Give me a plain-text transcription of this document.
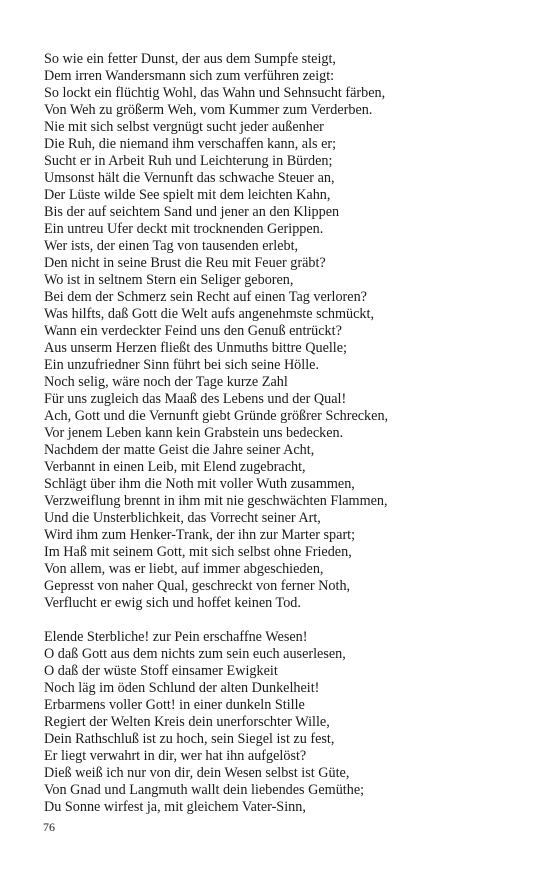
So wie ein fetter Dunst, der aus dem Sumpfe steigt,
Dem irren Wandersmann sich zum verführen zeigt:
So lockt ein flüchtig Wohl, das Wahn und Sehnsucht färben,
Von Weh zu größerm Weh, vom Kummer zum Verderben.
Nie mit sich selbst vergnügt sucht jeder außenher
Die Ruh, die niemand ihm verschaffen kann, als er;
Sucht er in Arbeit Ruh und Leichterung in Bürden;
Umsonst hält die Vernunft das schwache Steuer an,
Der Lüste wilde See spielt mit dem leichten Kahn,
Bis der auf seichtem Sand und jener an den Klippen
Ein untreu Ufer deckt mit trocknenden Gerippen.
Wer ists, der einen Tag von tausenden erlebt,
Den nicht in seine Brust die Reu mit Feuer gräbt?
Wo ist in seltnem Stern ein Seliger geboren,
Bei dem der Schmerz sein Recht auf einen Tag verloren?
Was hilfts, daß Gott die Welt aufs angenehmste schmückt,
Wann ein verdeckter Feind uns den Genuß entrückt?
Aus unserm Herzen fließt des Unmuths bittre Quelle;
Ein unzufriedner Sinn führt bei sich seine Hölle.
Noch selig, wäre noch der Tage kurze Zahl
Für uns zugleich das Maaß des Lebens und der Qual!
Ach, Gott und die Vernunft giebt Gründe größrer Schrecken,
Vor jenem Leben kann kein Grabstein uns bedecken.
Nachdem der matte Geist die Jahre seiner Acht,
Verbannt in einen Leib, mit Elend zugebracht,
Schlägt über ihm die Noth mit voller Wuth zusammen,
Verzweiflung brennt in ihm mit nie geschwächten Flammen,
Und die Unsterblichkeit, das Vorrecht seiner Art,
Wird ihm zum Henker-Trank, der ihn zur Marter spart;
Im Haß mit seinem Gott, mit sich selbst ohne Frieden,
Von allem, was er liebt, auf immer abgeschieden,
Gepresst von naher Qual, geschreckt von ferner Noth,
Verflucht er ewig sich und hoffet keinen Tod.
Elende Sterbliche! zur Pein erschaffne Wesen!
O daß Gott aus dem nichts zum sein euch auserlesen,
O daß der wüste Stoff einsamer Ewigkeit
Noch läg im öden Schlund der alten Dunkelheit!
Erbarmens voller Gott! in einer dunkeln Stille
Regiert der Welten Kreis dein unerforschter Wille,
Dein Rathschluß ist zu hoch, sein Siegel ist zu fest,
Er liegt verwahrt in dir, wer hat ihn aufgelöst?
Dieß weiß ich nur von dir, dein Wesen selbst ist Güte,
Von Gnad und Langmuth wallt dein liebendes Gemüthe;
Du Sonne wirfest ja, mit gleichem Vater-Sinn,
76
